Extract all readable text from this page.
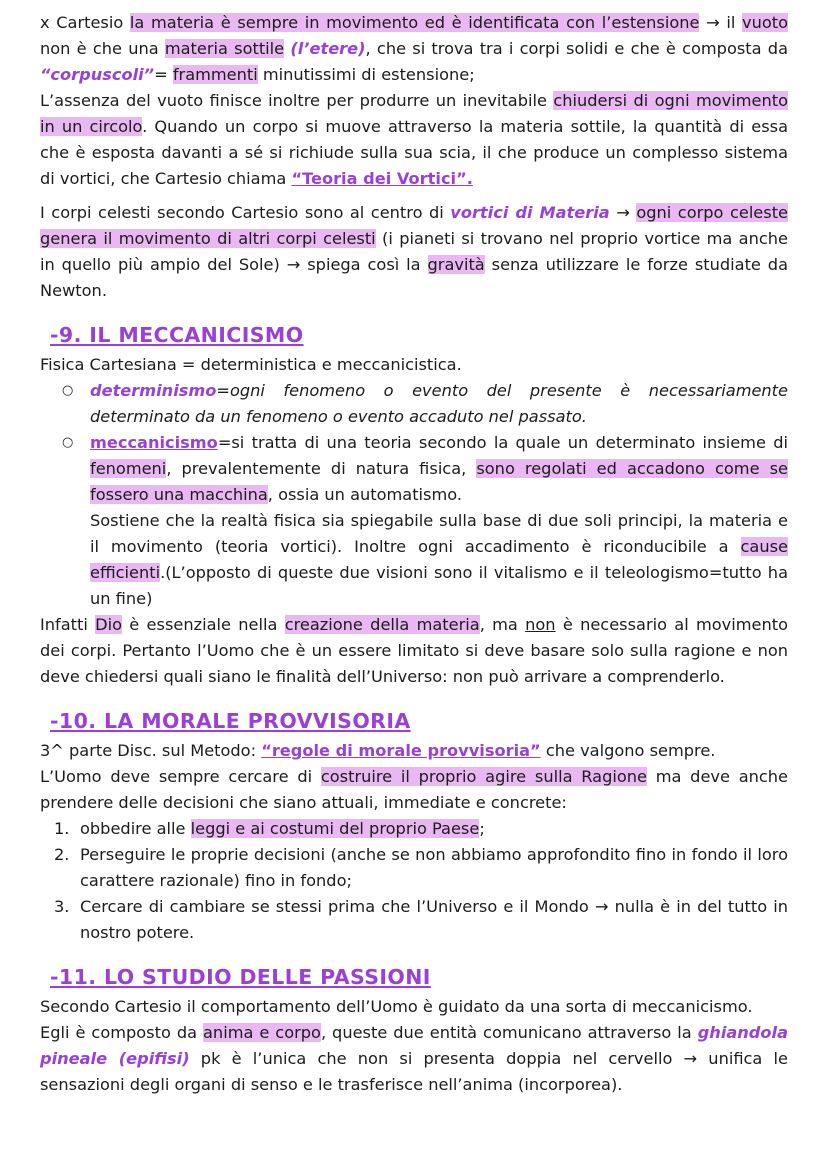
x Cartesio la materia è sempre in movimento ed è identificata con l’estensione → il vuoto non è che una materia sottile (l’etere), che si trova tra i corpi solidi e che è composta da “corpuscoli”= frammenti minutissimi di estensione;

L’assenza del vuoto finisce inoltre per produrre un inevitabile chiudersi di ogni movimento in un circolo. Quando un corpo si muove attraverso la materia sottile, la quantità di essa che è esposta davanti a sé si richiude sulla sua scia, il che produce un complesso sistema di vortici, che Cartesio chiama “Teoria dei Vortici”.

I corpi celesti secondo Cartesio sono al centro di vortici di Materia → ogni corpo celeste genera il movimento di altri corpi celesti (i pianeti si trovano nel proprio vortice ma anche in quello più ampio del Sole) → spiega così la gravità senza utilizzare le forze studiate da Newton.

-9. IL MECCANICISMO

Fisica Cartesiana = deterministica e meccanicistica.

○ determinismo=ogni fenomeno o evento del presente è necessariamente determinato da un fenomeno o evento accaduto nel passato.

○ meccanicismo=si tratta di una teoria secondo la quale un determinato insieme di fenomeni, prevalentemente di natura fisica, sono regolati ed accadono come se fossero una macchina, ossia un automatismo.

Sostiene che la realtà fisica sia spiegabile sulla base di due soli principi, la materia e il movimento (teoria vortici). Inoltre ogni accadimento è riconducibile a cause efficienti.(L’opposto di queste due visioni sono il vitalismo e il teleologismo=tutto ha un fine)

Infatti Dio è essenziale nella creazione della materia, ma non è necessario al movimento dei corpi. Pertanto l’Uomo che è un essere limitato si deve basare solo sulla ragione e non deve chiedersi quali siano le finalità dell’Universo: non può arrivare a comprenderlo.

-10. LA MORALE PROVVISORIA

3^ parte Disc. sul Metodo: “regole di morale provvisoria” che valgono sempre.

L’Uomo deve sempre cercare di costruire il proprio agire sulla Ragione ma deve anche prendere delle decisioni che siano attuali, immediate e concrete:

1. obbedire alle leggi e ai costumi del proprio Paese;

2. Perseguire le proprie decisioni (anche se non abbiamo approfondito fino in fondo il loro carattere razionale) fino in fondo;

3. Cercare di cambiare se stessi prima che l’Universo e il Mondo → nulla è in del tutto in nostro potere.

-11. LO STUDIO DELLE PASSIONI

Secondo Cartesio il comportamento dell’Uomo è guidato da una sorta di meccanicismo.

Egli è composto da anima e corpo, queste due entità comunicano attraverso la ghiandola pineale (epifisi) pk è l’unica che non si presenta doppia nel cervello → unifica le sensazioni degli organi di senso e le trasferisce nell’anima (incorporea).
